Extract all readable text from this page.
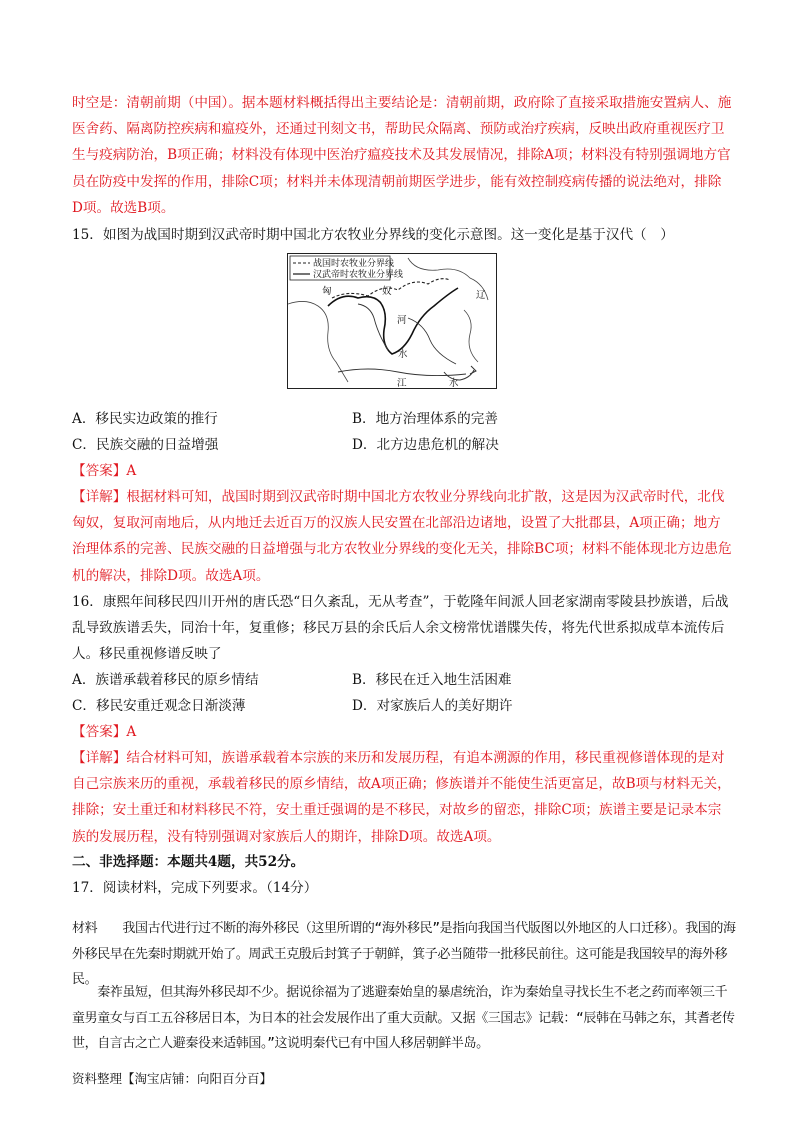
时空是：清朝前期（中国）。据本题材料概括得出主要结论是：清朝前期，政府除了直接采取措施安置病人、施医舍药、隔离防控疾病和瘟疫外，还通过刊刻文书，帮助民众隔离、预防或治疗疾病，反映出政府重视医疗卫生与疫病防治，B项正确；材料没有体现中医治疗瘟疫技术及其发展情况，排除A项；材料没有特别强调地方官员在防疫中发挥的作用，排除C项；材料并未体现清朝前期医学进步，能有效控制疫病传播的说法绝对，排除D项。故选B项。

15．如图为战国时期到汉武帝时期中国北方农牧业分界线的变化示意图。这一变化是基于汉代（　）

战国时农牧业分界线
汉武帝时农牧业分界线
匈	奴	辽
河
水
江	水
A．移民实边政策的推行	B．地方治理体系的完善
C．民族交融的日益增强	D．北方边患危机的解决

【答案】A

【详解】根据材料可知，战国时期到汉武帝时期中国北方农牧业分界线向北扩散，这是因为汉武帝时代，北伐匈奴，复取河南地后，从内地迁去近百万的汉族人民安置在北部沿边诸地，设置了大批郡县，A项正确；地方治理体系的完善、民族交融的日益增强与北方农牧业分界线的变化无关，排除BC项；材料不能体现北方边患危机的解决，排除D项。故选A项。

16．康熙年间移民四川开州的唐氏恐“日久紊乱，无从考查”，于乾隆年间派人回老家湖南零陵县抄族谱，后战乱导致族谱丢失，同治十年，复重修；移民万县的余氏后人余文榜常忧谱牒失传，将先代世系拟成草本流传后人。移民重视修谱反映了

A．族谱承载着移民的原乡情结	B．移民在迁入地生活困难
C．移民安重迁观念日渐淡薄	D．对家族后人的美好期许

【答案】A

【详解】结合材料可知，族谱承载着本宗族的来历和发展历程，有追本溯源的作用，移民重视修谱体现的是对自己宗族来历的重视，承载着移民的原乡情结，故A项正确；修族谱并不能使生活更富足，故B项与材料无关，排除；安土重迁和材料移民不符，安土重迁强调的是不移民，对故乡的留恋，排除C项；族谱主要是记录本宗族的发展历程，没有特别强调对家族后人的期许，排除D项。故选A项。

二、非选择题：本题共4题，共52分。

17．阅读材料，完成下列要求。（14分）

材料　　我国古代进行过不断的海外移民（这里所谓的“海外移民”是指向我国当代版图以外地区的人口迁移）。我国的海外移民早在先秦时期就开始了。周武王克殷后封箕子于朝鲜，箕子必当随带一批移民前往。这可能是我国较早的海外移民。

　　秦祚虽短，但其海外移民却不少。据说徐福为了逃避秦始皇的暴虐统治，诈为秦始皇寻找长生不老之药而率领三千童男童女与百工五谷移居日本，为日本的社会发展作出了重大贡献。又据《三国志》记载：“辰韩在马韩之东，其耆老传世，自言古之亡人避秦役来适韩国。”这说明秦代已有中国人移居朝鲜半岛。

资料整理【淘宝店铺：向阳百分百】
